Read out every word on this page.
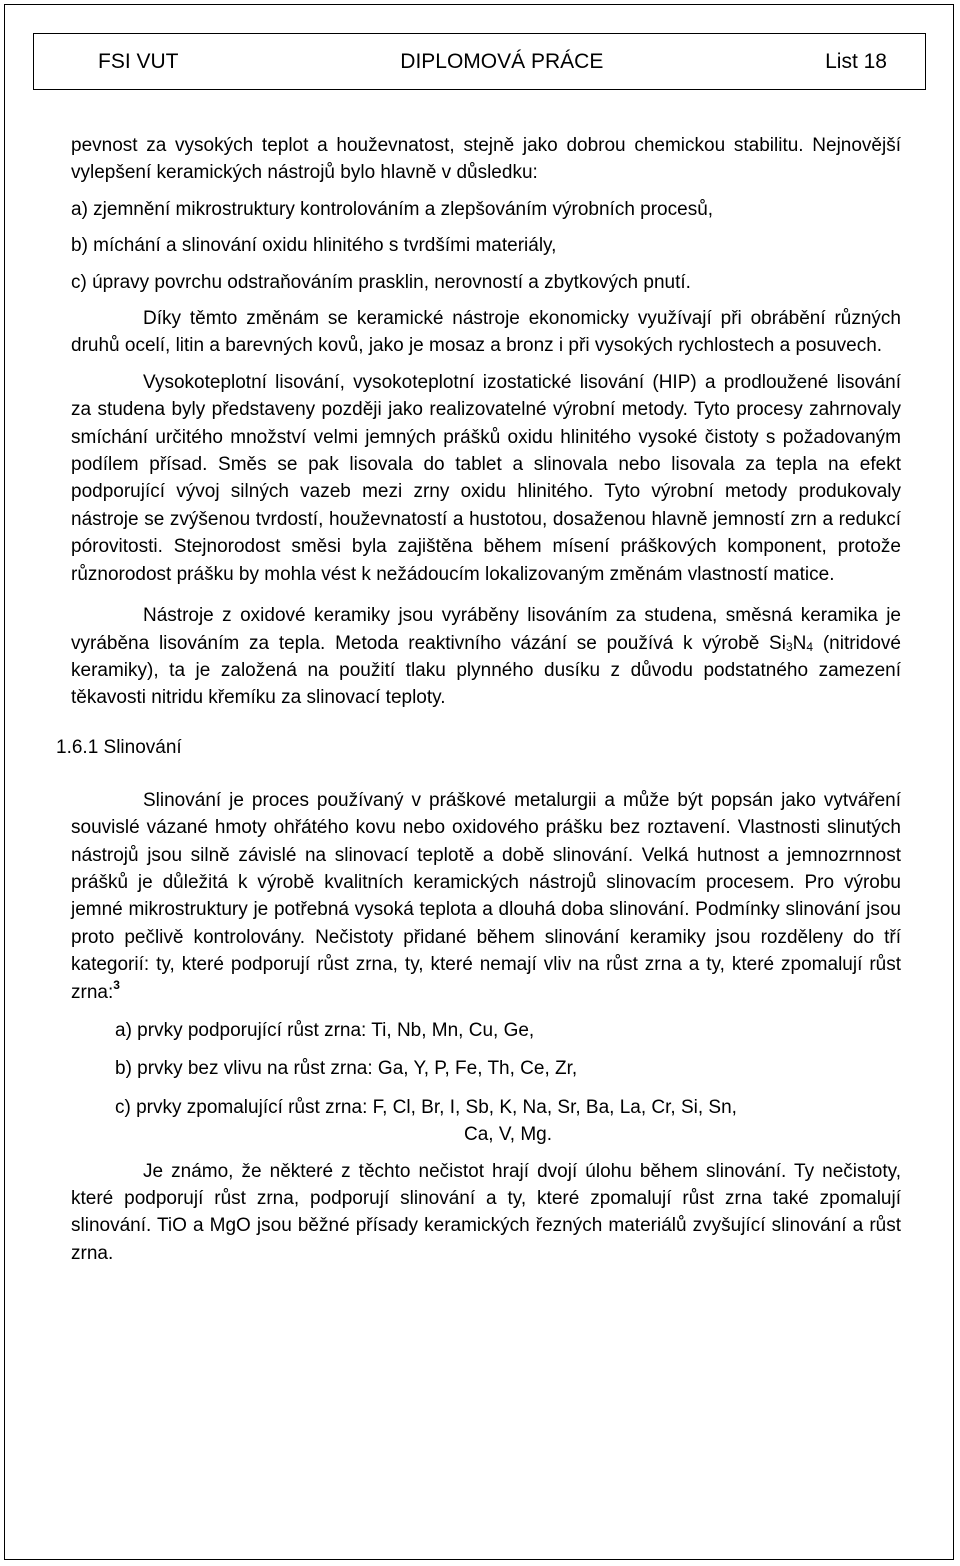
FSI VUT	DIPLOMOVÁ PRÁCE	List 18

pevnost za vysokých teplot a houževnatost, stejně jako dobrou chemickou stabilitu. Nejnovější vylepšení keramických nástrojů bylo hlavně v důsledku:

a) zjemnění mikrostruktury kontrolováním a zlepšováním výrobních procesů,

b) míchání a slinování oxidu hlinitého s tvrdšími materiály,

c) úpravy povrchu odstraňováním prasklin, nerovností a zbytkových pnutí.

Díky těmto změnám se keramické nástroje ekonomicky využívají při obrábění různých druhů ocelí, litin a barevných kovů, jako je mosaz a bronz i při vysokých rychlostech a posuvech.

Vysokoteplotní lisování, vysokoteplotní izostatické lisování (HIP) a prodloužené lisování za studena byly představeny později jako realizovatelné výrobní metody. Tyto procesy zahrnovaly smíchání určitého množství velmi jemných prášků oxidu hlinitého vysoké čistoty s požadovaným podílem přísad. Směs se pak lisovala do tablet a slinovala nebo lisovala za tepla na efekt podporující vývoj silných vazeb mezi zrny oxidu hlinitého. Tyto výrobní metody produkovaly nástroje se zvýšenou tvrdostí, houževnatostí a hustotou, dosaženou hlavně jemností zrn a redukcí pórovitosti. Stejnorodost směsi byla zajištěna během mísení práškových komponent, protože různorodost prášku by mohla vést k nežádoucím lokalizovaným změnám vlastností matice.

Nástroje z oxidové keramiky jsou vyráběny lisováním za studena, směsná keramika je vyráběna lisováním za tepla. Metoda reaktivního vázání se používá k výrobě Si3N4 (nitridové keramiky), ta je založená na použití tlaku plynného dusíku z důvodu podstatného zamezení těkavosti nitridu křemíku za slinovací teploty.

1.6.1 Slinování

Slinování je proces používaný v práškové metalurgii a může být popsán jako vytváření souvislé vázané hmoty ohřátého kovu nebo oxidového prášku bez roztavení. Vlastnosti slinutých nástrojů jsou silně závislé na slinovací teplotě a době slinování. Velká hutnost a jemnozrnnost prášků je důležitá k výrobě kvalitních keramických nástrojů slinovacím procesem. Pro výrobu jemné mikrostruktury je potřebná vysoká teplota a dlouhá doba slinování. Podmínky slinování jsou proto pečlivě kontrolovány. Nečistoty přidané během slinování keramiky jsou rozděleny do tří kategorií: ty, které podporují růst zrna, ty, které nemají vliv na růst zrna a ty, které zpomalují růst zrna:$^3$

a) prvky podporující růst zrna: Ti, Nb, Mn, Cu, Ge,
b) prvky bez vlivu na růst zrna: Ga, Y, P, Fe, Th, Ce, Zr,
c) prvky zpomalující růst zrna: F, Cl, Br, I, Sb, K, Na, Sr, Ba, La, Cr, Si, Sn,
Ca, V, Mg.

Je známo, že některé z těchto nečistot hrají dvojí úlohu během slinování. Ty nečistoty, které podporují růst zrna, podporují slinování a ty, které zpomalují růst zrna také zpomalují slinování. TiO a MgO jsou běžné přísady keramických řezných materiálů zvyšující slinování a růst zrna.
